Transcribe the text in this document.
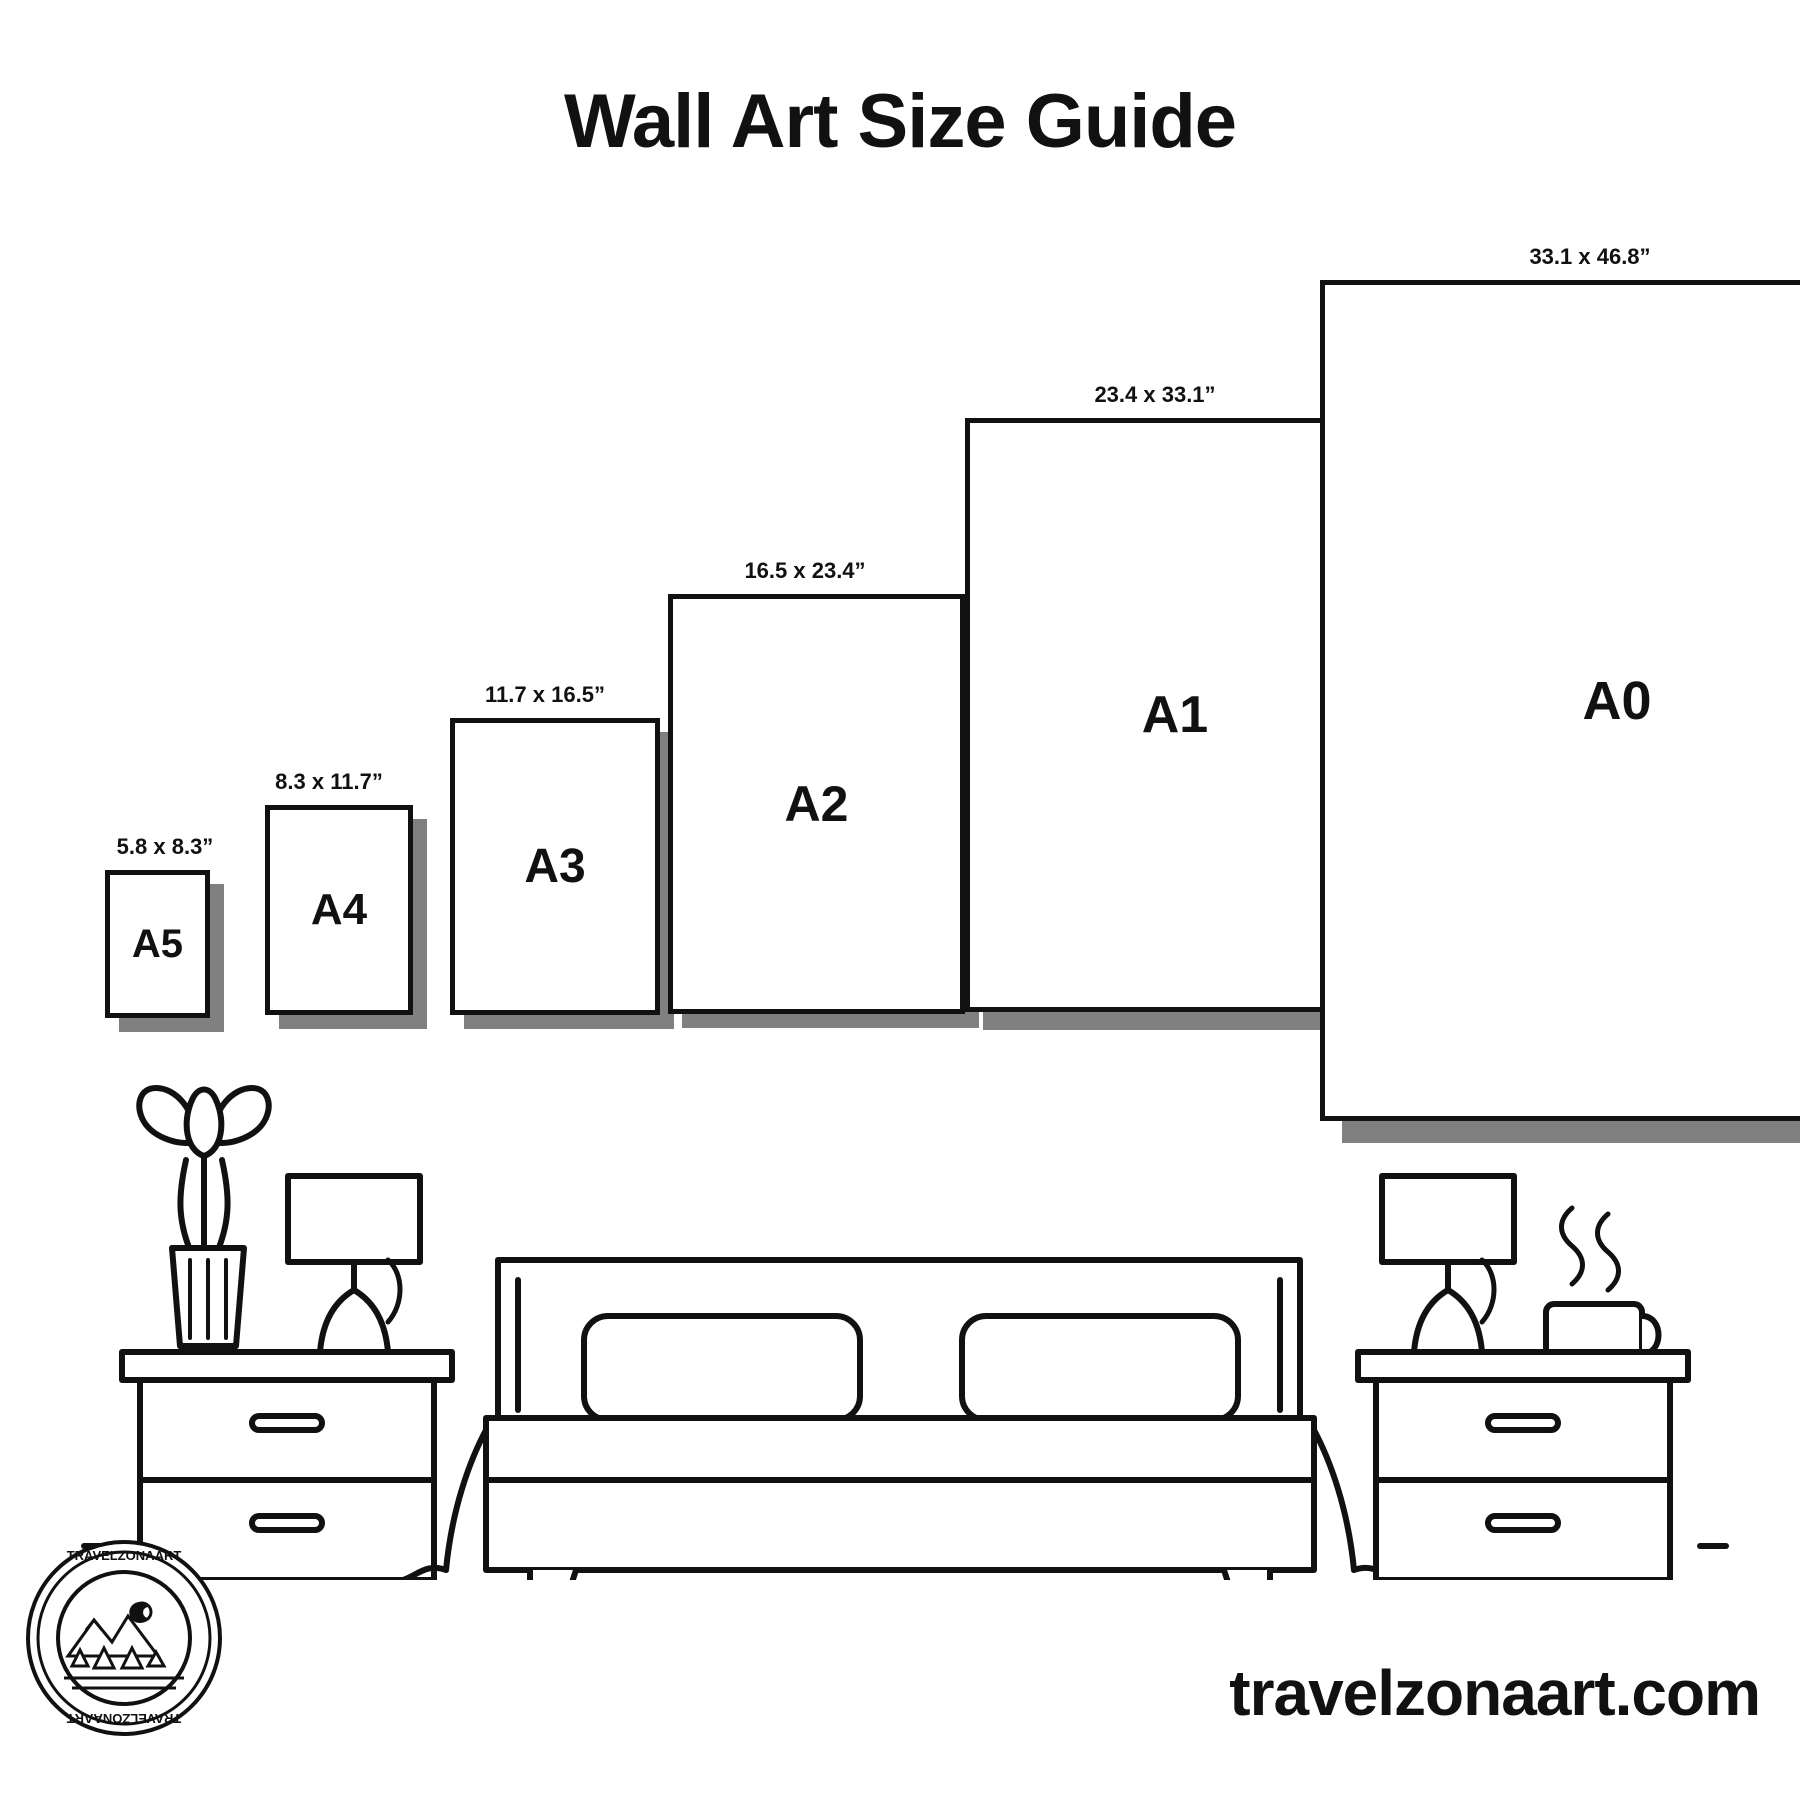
Wall Art Size Guide
5.8 x 8.3”
A5
8.3 x 11.7”
A4
11.7 x 16.5”
A3
16.5 x 23.4”
A2
23.4 x 33.1”
A1
33.1 x 46.8”
A0
TRAVELZONAART
TRAVELZONAART	travelzonaart.com
